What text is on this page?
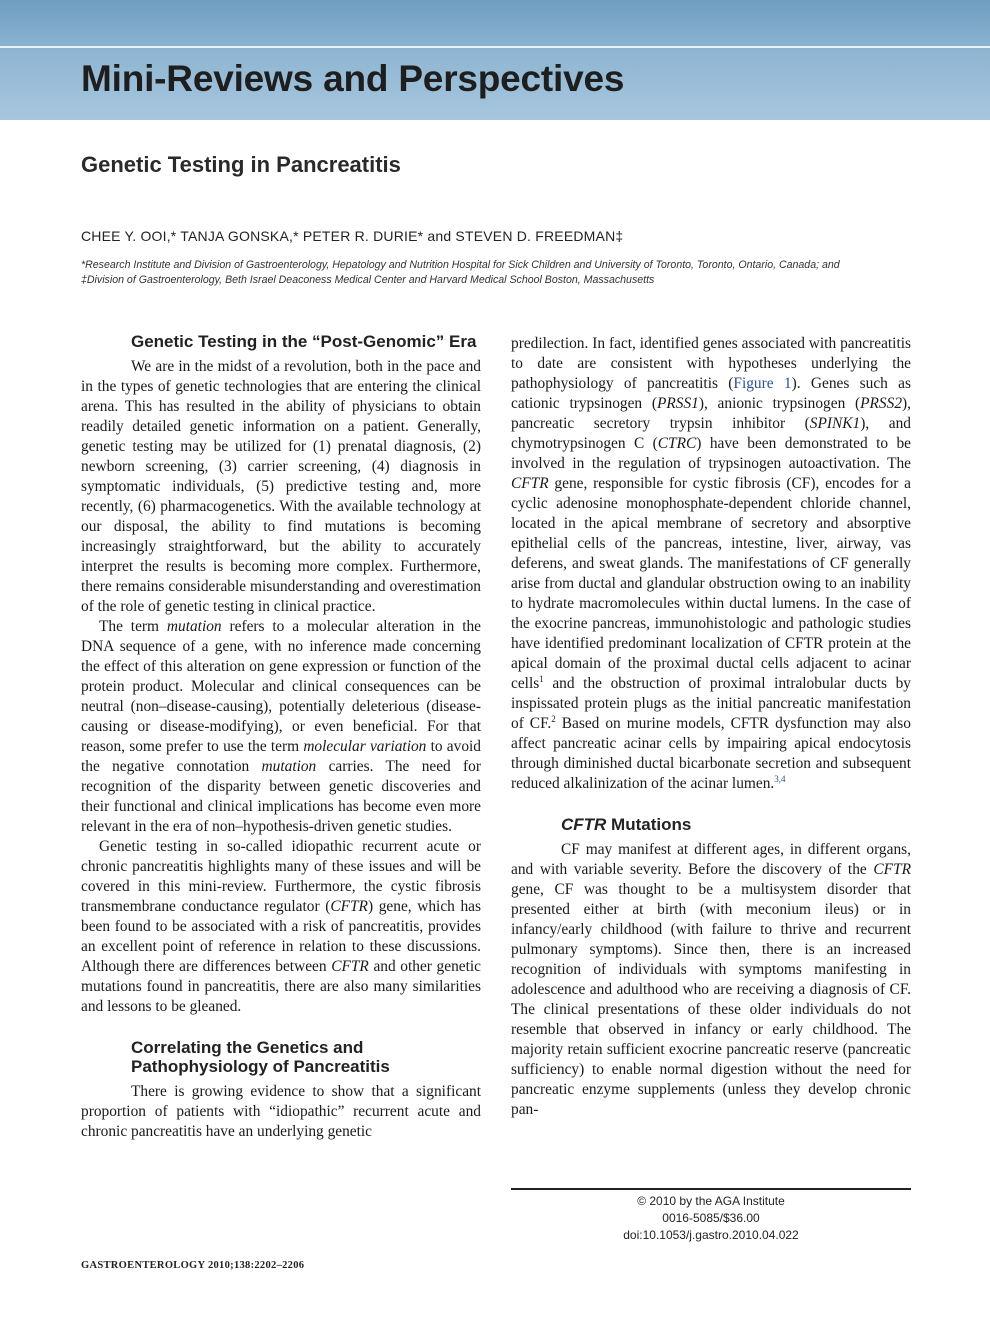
Mini-Reviews and Perspectives
Genetic Testing in Pancreatitis
CHEE Y. OOI,* TANJA GONSKA,* PETER R. DURIE* and STEVEN D. FREEDMAN‡
*Research Institute and Division of Gastroenterology, Hepatology and Nutrition Hospital for Sick Children and University of Toronto, Toronto, Ontario, Canada; and
‡Division of Gastroenterology, Beth Israel Deaconess Medical Center and Harvard Medical School Boston, Massachusetts
Genetic Testing in the “Post-Genomic” Era

We are in the midst of a revolution, both in the pace and in the types of genetic technologies that are entering the clinical arena. This has resulted in the ability of physicians to obtain readily detailed genetic information on a patient. Generally, genetic testing may be utilized for (1) prenatal diagnosis, (2) newborn screening, (3) carrier screening, (4) diagnosis in symptomatic individuals, (5) predictive testing and, more recently, (6) pharmacogenetics. With the available technology at our disposal, the ability to find mutations is becoming increasingly straightforward, but the ability to accurately interpret the results is becoming more complex. Furthermore, there remains considerable misunderstanding and overestimation of the role of genetic testing in clinical practice.

The term mutation refers to a molecular alteration in the DNA sequence of a gene, with no inference made concerning the effect of this alteration on gene expression or function of the protein product. Molecular and clinical consequences can be neutral (non–disease-causing), potentially deleterious (disease-causing or disease-modifying), or even beneficial. For that reason, some prefer to use the term molecular variation to avoid the negative connotation mutation carries. The need for recognition of the disparity between genetic discoveries and their functional and clinical implications has become even more relevant in the era of non–hypothesis-driven genetic studies.

Genetic testing in so-called idiopathic recurrent acute or chronic pancreatitis highlights many of these issues and will be covered in this mini-review. Furthermore, the cystic fibrosis transmembrane conductance regulator (CFTR) gene, which has been found to be associated with a risk of pancreatitis, provides an excellent point of reference in relation to these discussions. Although there are differences between CFTR and other genetic mutations found in pancreatitis, there are also many similarities and lessons to be gleaned.

Correlating the Genetics and Pathophysiology of Pancreatitis

There is growing evidence to show that a significant proportion of patients with “idiopathic” recurrent acute and chronic pancreatitis have an underlying genetic

predilection. In fact, identified genes associated with pancreatitis to date are consistent with hypotheses underlying the pathophysiology of pancreatitis (Figure 1). Genes such as cationic trypsinogen (PRSS1), anionic trypsinogen (PRSS2), pancreatic secretory trypsin inhibitor (SPINK1), and chymotrypsinogen C (CTRC) have been demonstrated to be involved in the regulation of trypsinogen autoactivation. The CFTR gene, responsible for cystic fibrosis (CF), encodes for a cyclic adenosine monophosphate-dependent chloride channel, located in the apical membrane of secretory and absorptive epithelial cells of the pancreas, intestine, liver, airway, vas deferens, and sweat glands. The manifestations of CF generally arise from ductal and glandular obstruction owing to an inability to hydrate macromolecules within ductal lumens. In the case of the exocrine pancreas, immunohistologic and pathologic studies have identified predominant localization of CFTR protein at the apical domain of the proximal ductal cells adjacent to acinar cells$^1$ and the obstruction of proximal intralobular ducts by inspissated protein plugs as the initial pancreatic manifestation of CF.$^2$ Based on murine models, CFTR dysfunction may also affect pancreatic acinar cells by impairing apical endocytosis through diminished ductal bicarbonate secretion and subsequent reduced alkalinization of the acinar lumen.$^{3,4}$

CFTR Mutations

CF may manifest at different ages, in different organs, and with variable severity. Before the discovery of the CFTR gene, CF was thought to be a multisystem disorder that presented either at birth (with meconium ileus) or in infancy/early childhood (with failure to thrive and recurrent pulmonary symptoms). Since then, there is an increased recognition of individuals with symptoms manifesting in adolescence and adulthood who are receiving a diagnosis of CF. The clinical presentations of these older individuals do not resemble that observed in infancy or early childhood. The majority retain sufficient exocrine pancreatic reserve (pancreatic sufficiency) to enable normal digestion without the need for pancreatic enzyme supplements (unless they develop chronic pan-

© 2010 by the AGA Institute
0016-5085/$36.00
doi:10.1053/j.gastro.2010.04.022
GASTROENTEROLOGY 2010;138:2202–2206
